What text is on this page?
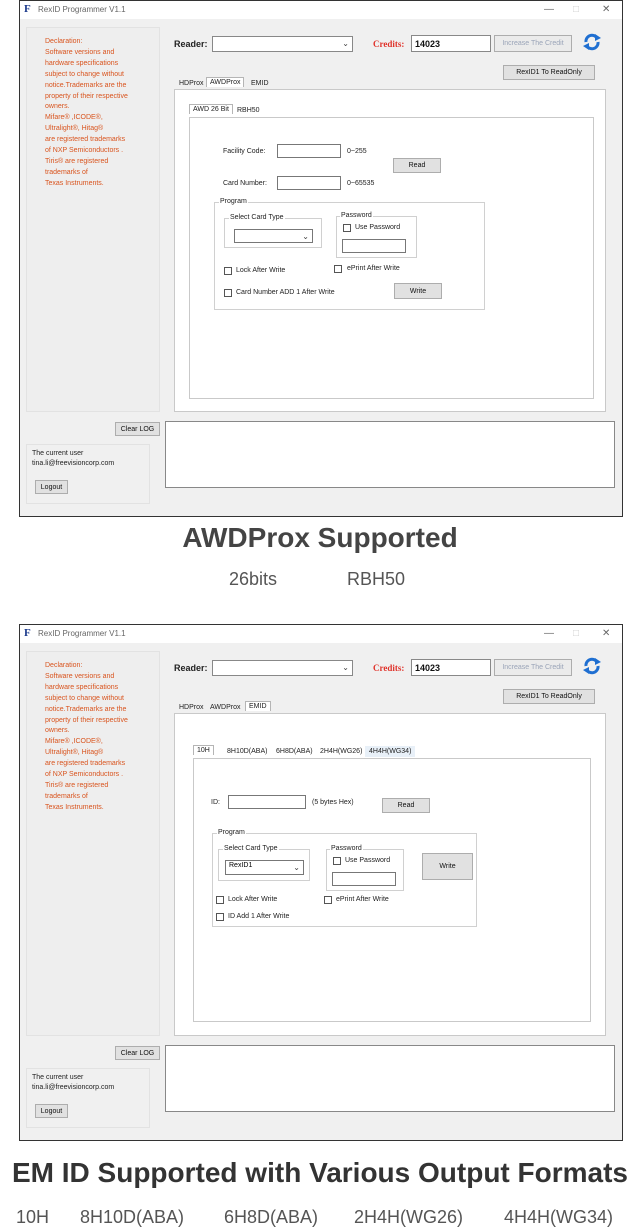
F RexID Programmer V1.1	— □ ✕
Declaration:
Software versions and
hardware specifications
subject to change without
notice.Trademarks are the
property of their respective
owners.
Mifare® ,ICODE®,
Ultralight®, Hitag®
are registered trademarks
of NXP Semiconductors .
Tiris® are registered
trademarks of
Texas Instruments.
Reader:	⌄	Credits:	14023	Increase The Credit
RexID1 To ReadOnly
HDProx AWDProx	EMID
AWD 26 Bit	RBH50
Facility Code:	0~255
Read
Card Number:	0~65535
Program
Select Card Type
⌄
Password
Use Password
Lock After Write	ePrint After Write
Card Number ADD 1 After Write	Write
Clear LOG
The current user
tina.li@freevisioncorp.com
Logout
AWDProx Supported
26bits	RBH50
F RexID Programmer V1.1	— □ ✕
Declaration:
Software versions and
hardware specifications
subject to change without
notice.Trademarks are the
property of their respective
owners.
Mifare® ,ICODE®,
Ultralight®, Hitag®
are registered trademarks
of NXP Semiconductors .
Tiris® are registered
trademarks of
Texas Instruments.
Reader:	⌄	Credits:	14023	Increase The Credit
RexID1 To ReadOnly
HDProx AWDProx	EMID
10H	8H10D(ABA)	6H8D(ABA)	2H4H(WG26) 4H4H(WG34)
ID:	(5 bytes Hex)	Read
Program
Select Card Type
RexID1	⌄
Password
Use Password
Write
Lock After Write	ePrint After Write
ID Add 1 After Write
Clear LOG
The current user
tina.li@freevisioncorp.com
Logout
EM ID Supported with Various Output Formats
10H 8H10D(ABA) 6H8D(ABA) 2H4H(WG26) 4H4H(WG34)
